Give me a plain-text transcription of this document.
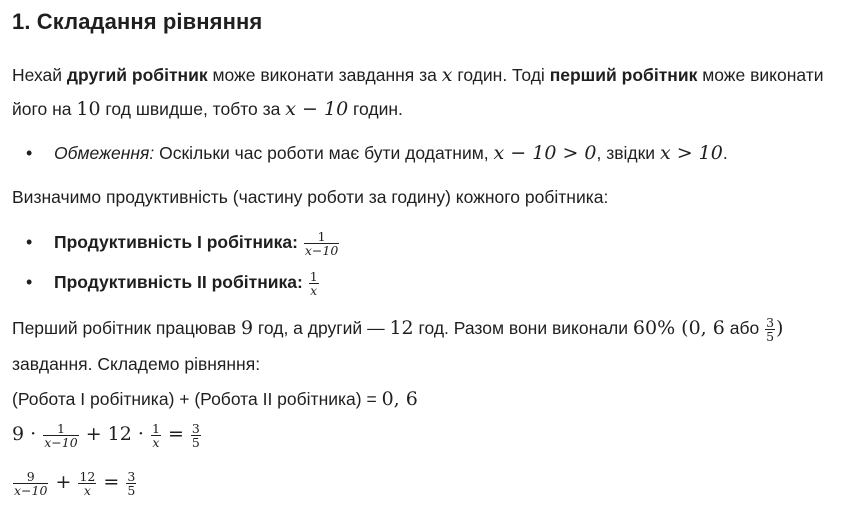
1. Складання рівняння

Нехай другий робітник може виконати завдання за x годин. Тоді перший робітник може виконати його на 10 год швидше, тобто за x − 10 годин.

• Обмеження: Оскільки час роботи має бути додатним, x − 10 > 0, звідки x > 10.

Визначимо продуктивність (частину роботи за годину) кожного робітника:

• Продуктивність I робітника: $\frac{1}{x-10}$
• Продуктивність II робітника: $\frac{1}{x}$

Перший робітник працював 9 год, а другий — 12 год. Разом вони виконали 60% (0, 6 або $\frac{3}{5}$ )
завдання. Складемо рівняння:

(Робота I робітника) + (Робота II робітника) = 0, 6

$9 \cdot \frac{1}{x-10} + 12 \cdot \frac{1}{x} = \frac{3}{5}$
$\frac{9}{x-10} + \frac{12}{x} = \frac{3}{5}$
